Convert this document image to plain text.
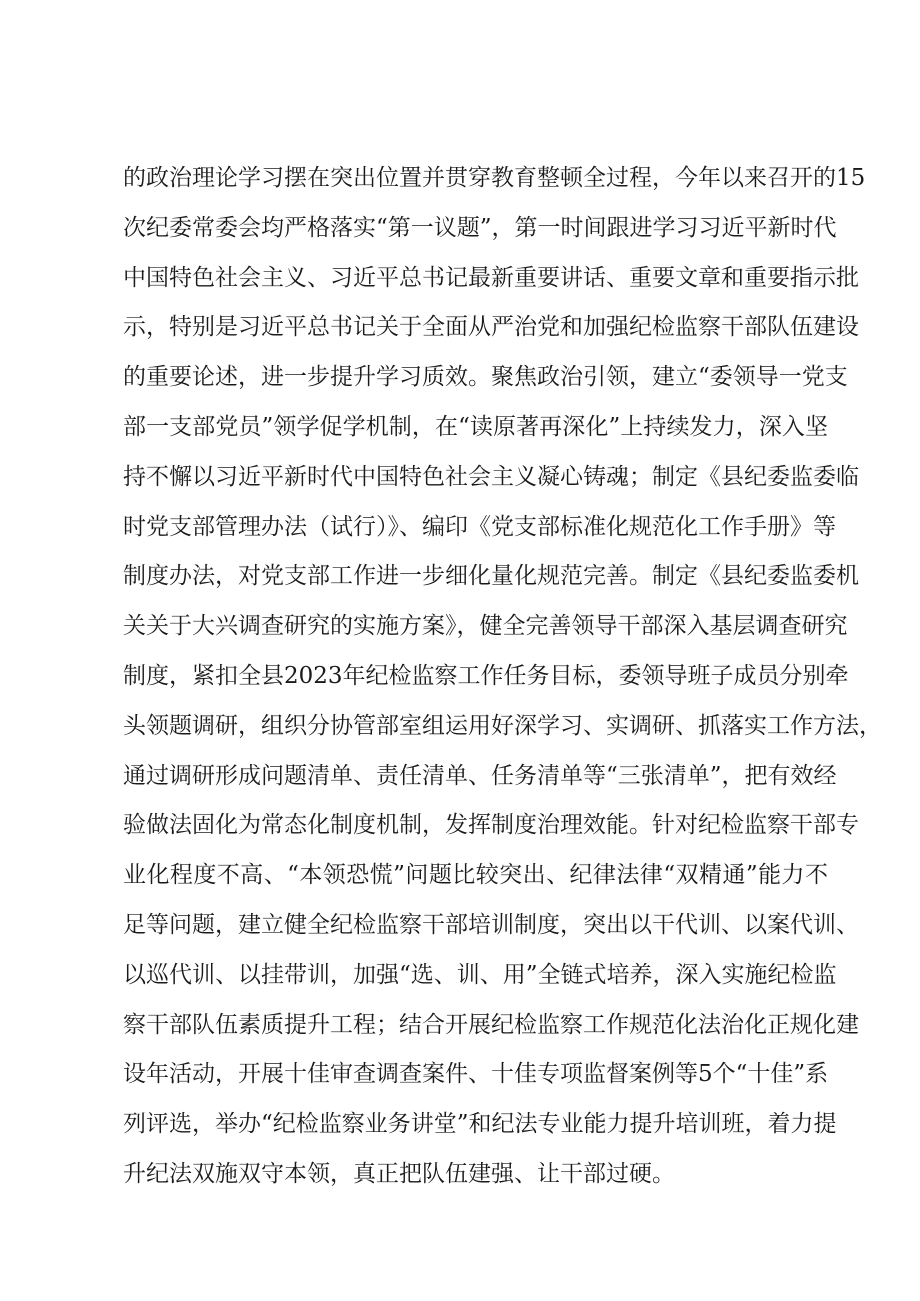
的政治理论学习摆在突出位置并贯穿教育整顿全过程，今年以来召开的15
次纪委常委会均严格落实“第一议题”，第一时间跟进学习习近平新时代
中国特色社会主义、习近平总书记最新重要讲话、重要文章和重要指示批
示，特别是习近平总书记关于全面从严治党和加强纪检监察干部队伍建设
的重要论述，进一步提升学习质效。聚焦政治引领，建立“委领导一党支
部一支部党员”领学促学机制，在“读原著再深化”上持续发力，深入坚
持不懈以习近平新时代中国特色社会主义凝心铸魂；制定《县纪委监委临
时党支部管理办法（试行）》、编印《党支部标准化规范化工作手册》等
制度办法，对党支部工作进一步细化量化规范完善。制定《县纪委监委机
关关于大兴调查研究的实施方案》，健全完善领导干部深入基层调查研究
制度，紧扣全县2023年纪检监察工作任务目标，委领导班子成员分别牵
头领题调研，组织分协管部室组运用好深学习、实调研、抓落实工作方法，
通过调研形成问题清单、责任清单、任务清单等“三张清单”，把有效经
验做法固化为常态化制度机制，发挥制度治理效能。针对纪检监察干部专
业化程度不高、“本领恐慌”问题比较突出、纪律法律“双精通”能力不
足等问题，建立健全纪检监察干部培训制度，突出以干代训、以案代训、
以巡代训、以挂带训，加强“选、训、用”全链式培养，深入实施纪检监
察干部队伍素质提升工程；结合开展纪检监察工作规范化法治化正规化建
设年活动，开展十佳审查调查案件、十佳专项监督案例等5个“十佳”系
列评选，举办“纪检监察业务讲堂”和纪法专业能力提升培训班，着力提
升纪法双施双守本领，真正把队伍建强、让干部过硬。
